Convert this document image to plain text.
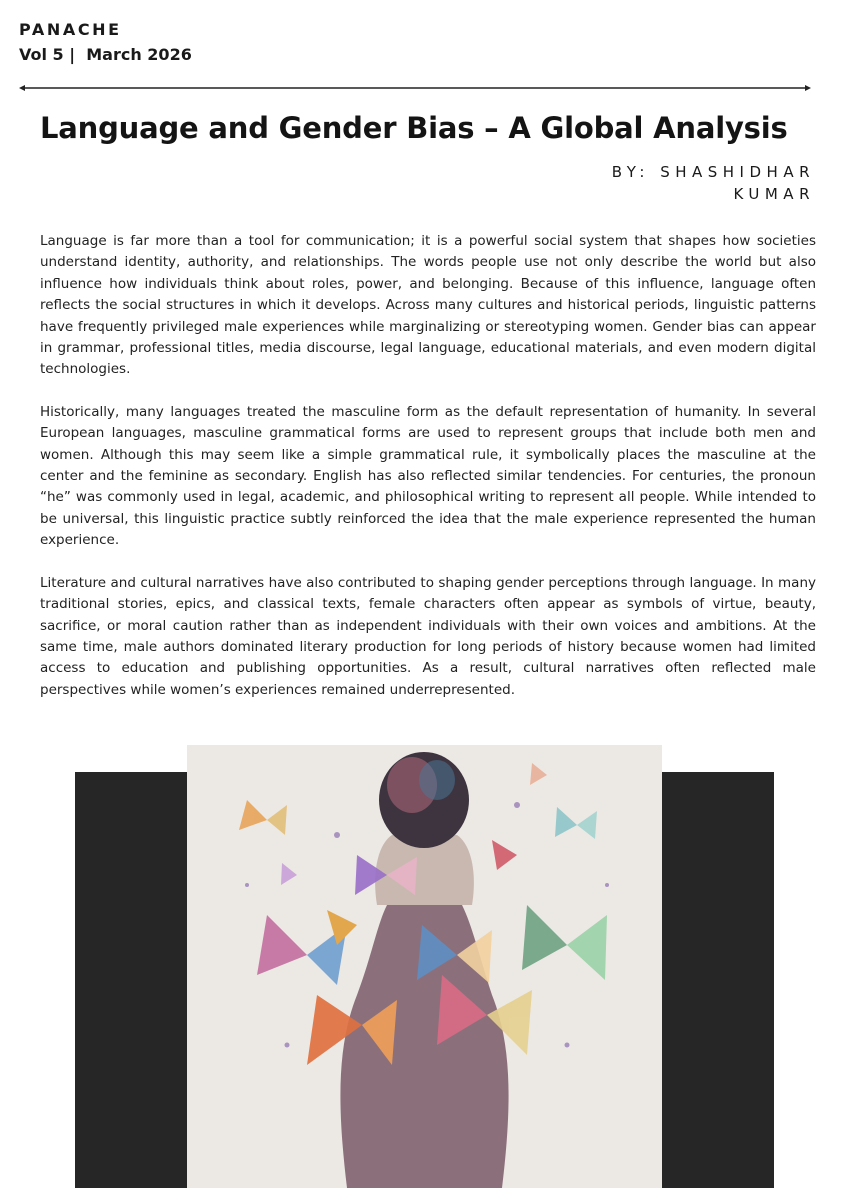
PANACHE
Vol 5 |  March 2026
Language and Gender Bias – A Global Analysis
BY: SHASHIDHAR
KUMAR

Language is far more than a tool for communication; it is a powerful social system that shapes how societies understand identity, authority, and relationships. The words people use not only describe the world but also influence how individuals think about roles, power, and belonging. Because of this influence, language often reflects the social structures in which it develops. Across many cultures and historical periods, linguistic patterns have frequently privileged male experiences while marginalizing or stereotyping women. Gender bias can appear in grammar, professional titles, media discourse, legal language, educational materials, and even modern digital technologies.

Historically, many languages treated the masculine form as the default representation of humanity. In several European languages, masculine grammatical forms are used to represent groups that include both men and women. Although this may seem like a simple grammatical rule, it symbolically places the masculine at the center and the feminine as secondary. English has also reflected similar tendencies. For centuries, the pronoun “he” was commonly used in legal, academic, and philosophical writing to represent all people. While intended to be universal, this linguistic practice subtly reinforced the idea that the male experience represented the human experience.

Literature and cultural narratives have also contributed to shaping gender perceptions through language. In many traditional stories, epics, and classical texts, female characters often appear as symbols of virtue, beauty, sacrifice, or moral caution rather than as independent individuals with their own voices and ambitions. At the same time, male authors dominated literary production for long periods of history because women had limited access to education and publishing opportunities. As a result, cultural narratives often reflected male perspectives while women’s experiences remained underrepresented.
